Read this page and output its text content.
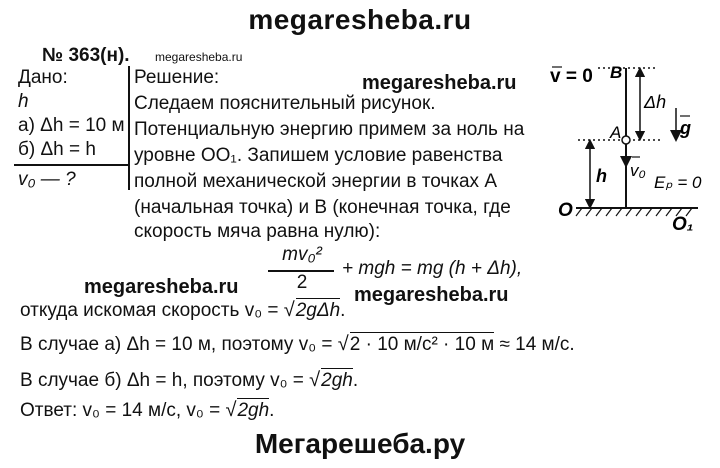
megaresheba.ru
№ 363(н). megaresheba.ru
Дано:
h
а) Δh = 10 м
б) Δh = h
v₀ — ?
Решение:
Следаем пояснительный рисунок.
Потенциальную энергию примем за ноль на
уровне OO₁. Запишем условие равенства
полной механической энергии в точках A
(начальная точка) и B (конечная точка, где
скорость мяча равна нулю):
megaresheba.ru
mv₀²
2
+ mgh = mg (h + Δh),
megaresheba.ru	megaresheba.ru
откуда искомая скорость v₀ = √2gΔh.
В случае а) Δh = 10 м, поэтому v₀ = √2 · 10 м/с² · 10 м ≈ 14 м/с.
В случае б) Δh = h, поэтому v₀ = √2gh.
Ответ: v₀ = 14 м/с, v₀ = √2gh.
v = 0 B
A
Δh
g
h v₀
Eₚ = 0
O
O₁
Мегарешеба.ру
